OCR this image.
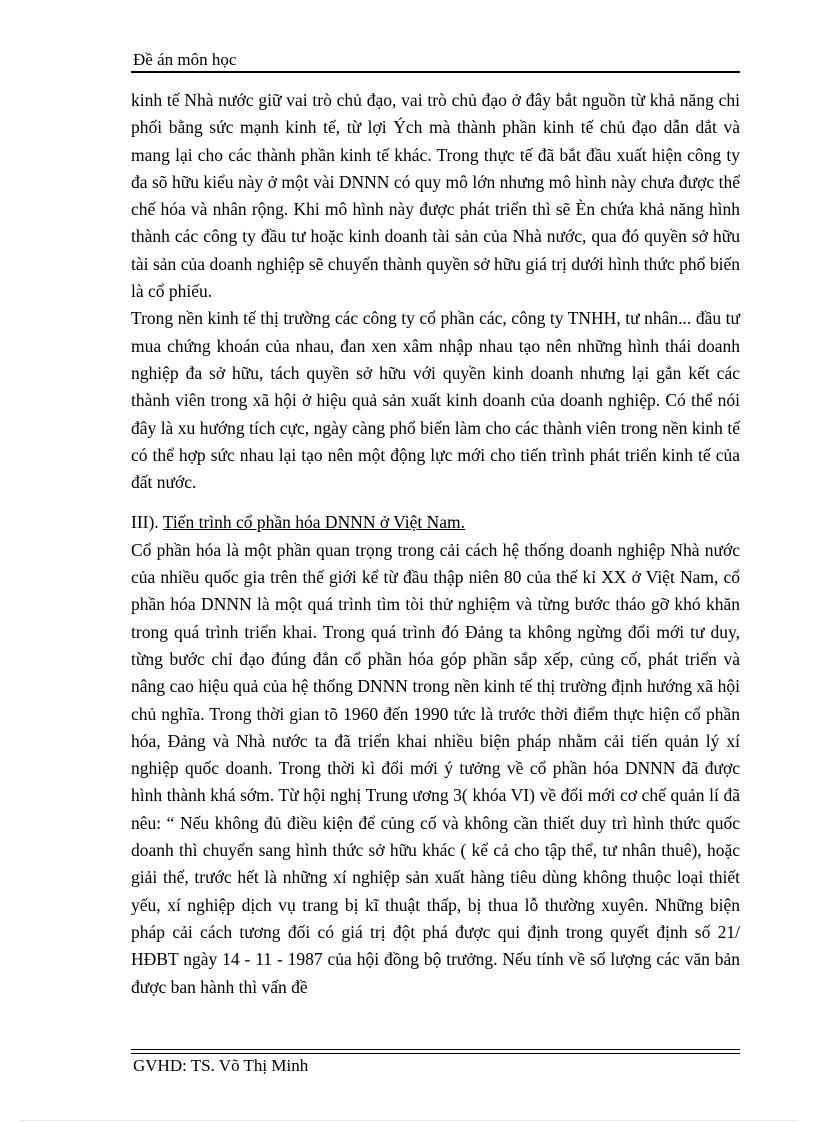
Đề án môn học

kinh tế Nhà nước giữ vai trò chủ đạo, vai trò chủ đạo ở đây bắt nguồn từ khả năng chi phối bằng sức mạnh kinh tế, từ lợi Ých mà thành phần kinh tế chủ đạo dẫn dắt và mang lại cho các thành phần kinh tế khác. Trong thực tế đã bắt đầu xuất hiện công ty đa sõ hữu kiểu này ở một vài DNNN có quy mô lớn nhưng mô hình này chưa được thể chế hóa và nhân rộng. Khi mô hình này được phát triển thì sẽ Èn chứa khả năng hình thành các công ty đầu tư hoặc kinh doanh tài sản của Nhà nước, qua đó quyền sở hữu tài sản của doanh nghiệp sẽ chuyển thành quyền sở hữu giá trị dưới hình thức phổ biến là cổ phiếu.

Trong nền kinh tế thị trường các công ty cổ phần các, công ty TNHH, tư nhân... đầu tư mua chứng khoán của nhau, đan xen xâm nhập nhau tạo nên những hình thái doanh nghiệp đa sở hữu, tách quyền sở hữu với quyền kinh doanh nhưng lại gắn kết các thành viên trong xã hội ở hiệu quả sản xuất kinh doanh của doanh nghiệp. Có thể nói đây là xu hướng tích cực, ngày càng phổ biến làm cho các thành viên trong nền kinh tế có thể hợp sức nhau lại tạo nên một động lực mới cho tiến trình phát triển kinh tế của đất nước.

III). Tiến trình cổ phần hóa DNNN ở Việt Nam.

Cổ phần hóa là một phần quan trọng trong cải cách hệ thống doanh nghiệp Nhà nước của nhiều quốc gia trên thế giới kể từ đầu thập niên 80 của thế kỉ XX ở Việt Nam, cổ phần hóa DNNN là một quá trình tìm tòi thử nghiệm và từng bước tháo gỡ khó khăn trong quá trình triển khai. Trong quá trình đó Đảng ta không ngừng đổi mới tư duy, từng bước chỉ đạo đúng đắn cổ phần hóa góp phần sắp xếp, củng cố, phát triển và nâng cao hiệu quả của hệ thống DNNN trong nền kinh tế thị trường định hướng xã hội chủ nghĩa. Trong thời gian tõ 1960 đến 1990 tức là trước thời điểm thực hiện cổ phần hóa, Đảng và Nhà nước ta đã triển khai nhiều biện pháp nhằm cải tiến quản lý xí nghiệp quốc doanh. Trong thời kì đổi mới ý tưởng về cổ phần hóa DNNN đã được hình thành khá sớm. Từ hội nghị Trung ương 3( khóa VI) về đổi mới cơ chế quản lí đã nêu: “ Nếu không đủ điều kiện để củng cố và không cần thiết duy trì hình thức quốc doanh thì chuyển sang hình thức sở hữu khác ( kể cả cho tập thể, tư nhân thuê), hoặc giải thể, trước hết là những xí nghiệp sản xuất hàng tiêu dùng không thuộc loại thiết yếu, xí nghiệp dịch vụ trang bị kĩ thuật thấp, bị thua lỗ thường xuyên. Những biện pháp cải cách tương đối có giá trị đột phá được qui định trong quyết định số 21/ HĐBT ngày 14 - 11 - 1987 của hội đồng bộ trưởng. Nếu tính về số lượng các văn bản được ban hành thì vấn đề

GVHD: TS. Võ Thị Minh
